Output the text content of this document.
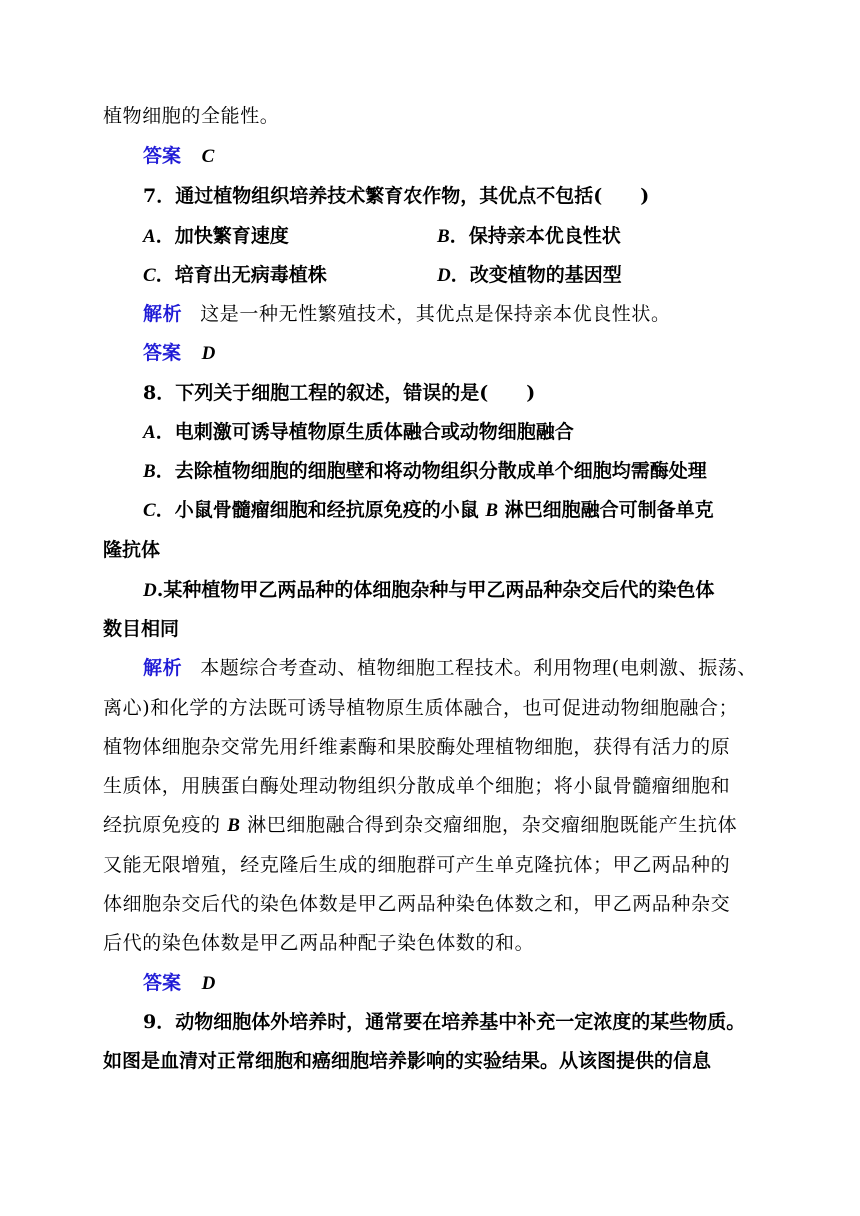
植物细胞的全能性。
答案 C
7．通过植物组织培养技术繁育农作物，其优点不包括(　　)
A．加快繁育速度	B．保持亲本优良性状
C．培育出无病毒植株	D．改变植物的基因型
解析 这是一种无性繁殖技术，其优点是保持亲本优良性状。
答案 D
8．下列关于细胞工程的叙述，错误的是(　　)
A．电刺激可诱导植物原生质体融合或动物细胞融合
B．去除植物细胞的细胞壁和将动物组织分散成单个细胞均需酶处理
C．小鼠骨髓瘤细胞和经抗原免疫的小鼠 B 淋巴细胞融合可制备单克
隆抗体
D.某种植物甲乙两品种的体细胞杂种与甲乙两品种杂交后代的染色体
数目相同
解析 本题综合考查动、植物细胞工程技术。利用物理(电刺激、振荡、
离心)和化学的方法既可诱导植物原生质体融合，也可促进动物细胞融合；
植物体细胞杂交常先用纤维素酶和果胶酶处理植物细胞，获得有活力的原
生质体，用胰蛋白酶处理动物组织分散成单个细胞；将小鼠骨髓瘤细胞和
经抗原免疫的 B 淋巴细胞融合得到杂交瘤细胞，杂交瘤细胞既能产生抗体
又能无限增殖，经克隆后生成的细胞群可产生单克隆抗体；甲乙两品种的
体细胞杂交后代的染色体数是甲乙两品种染色体数之和，甲乙两品种杂交
后代的染色体数是甲乙两品种配子染色体数的和。
答案 D
9．动物细胞体外培养时，通常要在培养基中补充一定浓度的某些物质。
如图是血清对正常细胞和癌细胞培养影响的实验结果。从该图提供的信息
